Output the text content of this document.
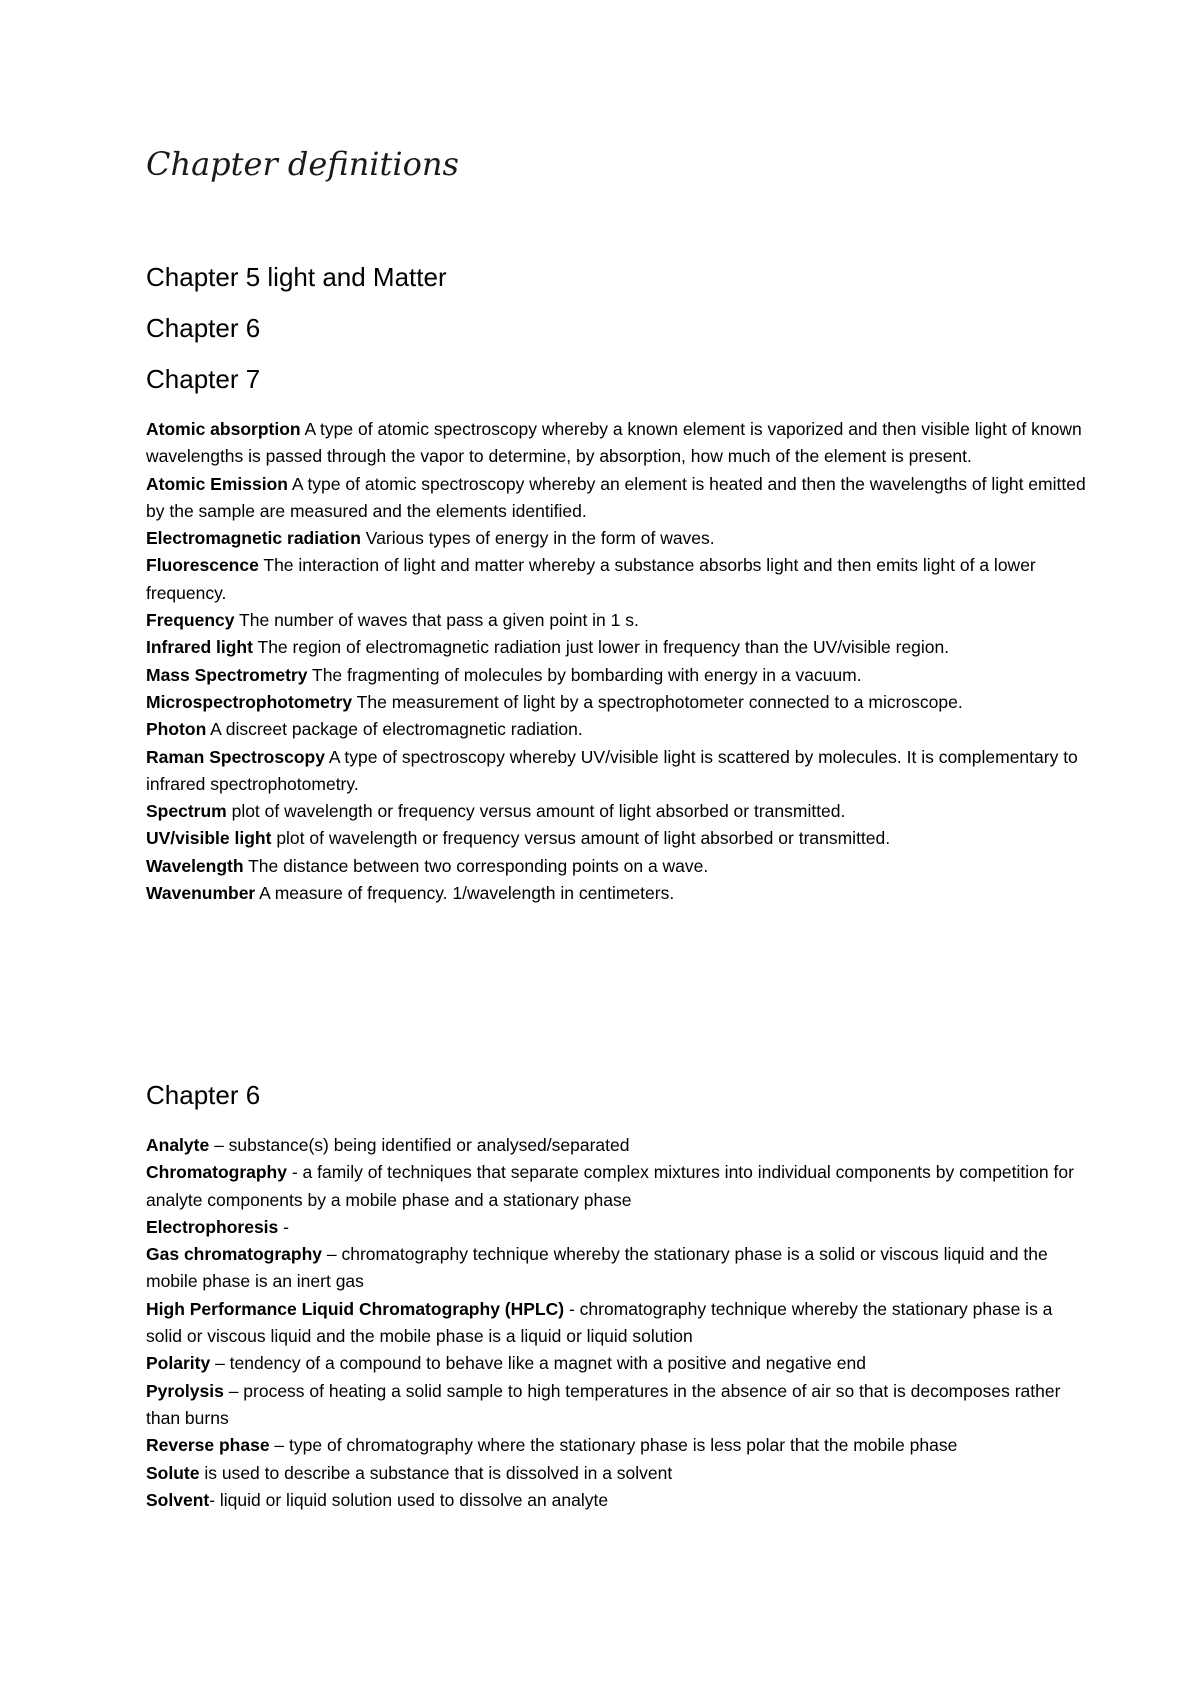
Chapter definitions
Chapter 5 light and Matter
Chapter 6
Chapter 7
Atomic absorption A type of atomic spectroscopy whereby a known element is vaporized and then visible light of known wavelengths is passed through the vapor to determine, by absorption, how much of the element is present.
Atomic Emission A type of atomic spectroscopy whereby an element is heated and then the wavelengths of light emitted by the sample are measured and the elements identified.
Electromagnetic radiation Various types of energy in the form of waves.
Fluorescence The interaction of light and matter whereby a substance absorbs light and then emits light of a lower frequency.
Frequency The number of waves that pass a given point in 1 s.
Infrared light The region of electromagnetic radiation just lower in frequency than the UV/visible region.
Mass Spectrometry The fragmenting of molecules by bombarding with energy in a vacuum.
Microspectrophotometry The measurement of light by a spectrophotometer connected to a microscope.
Photon A discreet package of electromagnetic radiation.
Raman Spectroscopy A type of spectroscopy whereby UV/visible light is scattered by molecules. It is complementary to infrared spectrophotometry.
Spectrum plot of wavelength or frequency versus amount of light absorbed or transmitted.
UV/visible light plot of wavelength or frequency versus amount of light absorbed or transmitted.
Wavelength The distance between two corresponding points on a wave.
Wavenumber A measure of frequency. 1/wavelength in centimeters.
Chapter 6
Analyte – substance(s) being identified or analysed/separated
Chromatography - a family of techniques that separate complex mixtures into individual components by competition for analyte components by a mobile phase and a stationary phase
Electrophoresis -
Gas chromatography – chromatography technique whereby the stationary phase is a solid or viscous liquid and the mobile phase is an inert gas
High Performance Liquid Chromatography (HPLC) - chromatography technique whereby the stationary phase is a solid or viscous liquid and the mobile phase is a liquid or liquid solution
Polarity – tendency of a compound to behave like a magnet with a positive and negative end
Pyrolysis – process of heating a solid sample to high temperatures in the absence of air so that is decomposes rather than burns
Reverse phase – type of chromatography where the stationary phase is less polar that the mobile phase
Solute is used to describe a substance that is dissolved in a solvent
Solvent- liquid or liquid solution used to dissolve an analyte
